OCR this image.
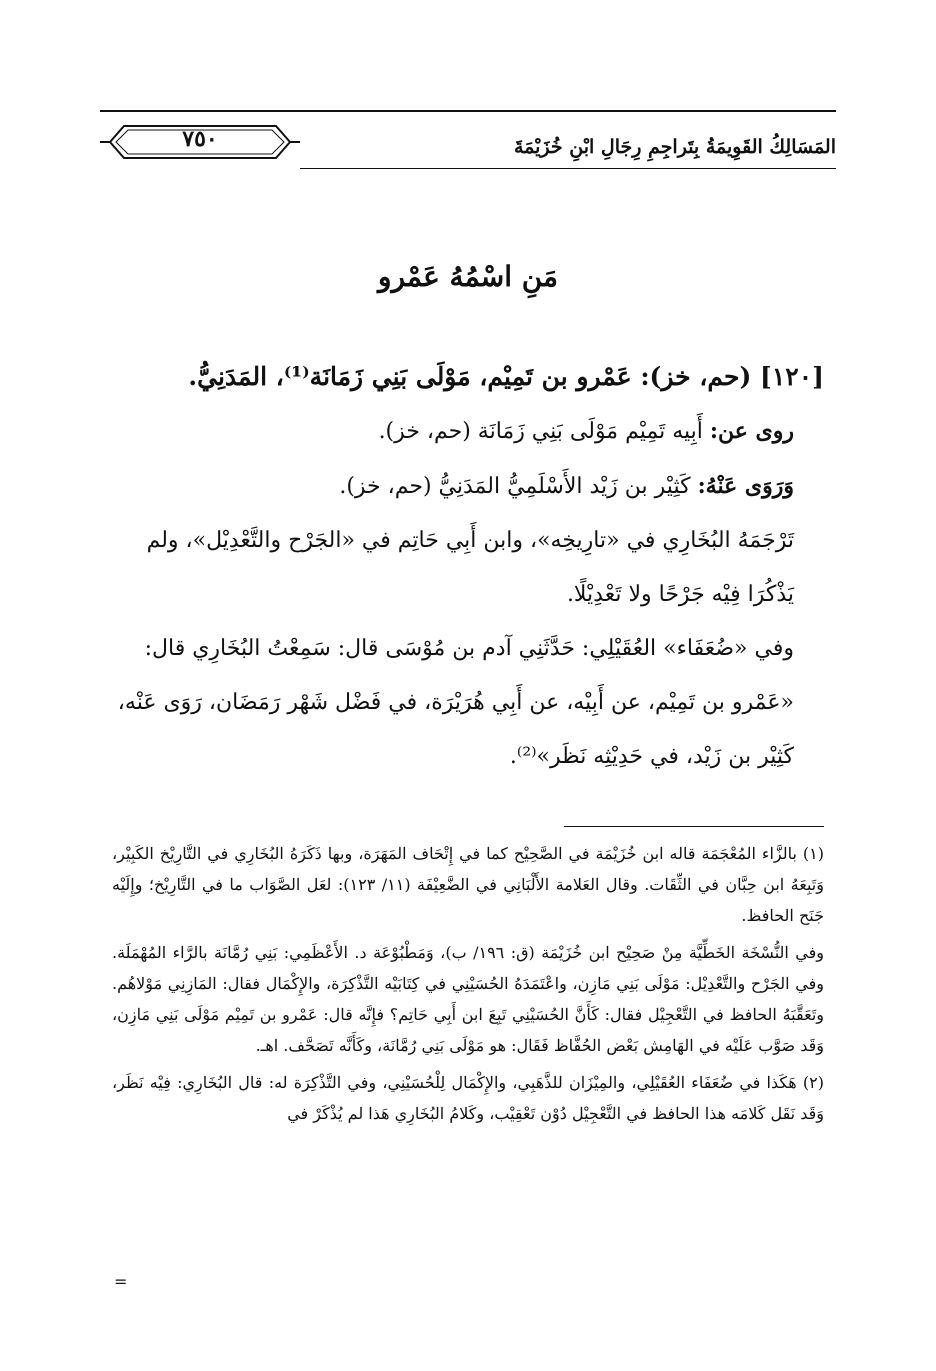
المَسَالِكُ القَوِيمَةُ بِتَراجِمِ رِجَالِ ابْنِ خُزَيْمَةَ
٧٥٠
مَنِ اسْمُهُ عَمْرو

[١٢٠] (حم، خز): عَمْرو بن تَمِيْم، مَوْلَى بَنِي زَمَانَة⁽¹⁾، المَدَنِيُّ.

روى عن: أَبِيه تَمِيْم مَوْلَى بَنِي زَمَانَة (حم، خز).

وَرَوَى عَنْهُ: كَثِيْر بن زَيْد الأَسْلَمِيُّ المَدَنِيُّ (حم، خز).

تَرْجَمَهُ البُخَارِي في «تارِيخِه»، وابن أَبِي حَاتِم في «الجَرْح والتَّعْدِيْل»، ولم يَذْكُرَا فِيْه جَرْحًا ولا تَعْدِيْلًا.

وفي «ضُعَفَاء» العُقَيْلِي: حَدَّثَنِي آدم بن مُوْسَى قال: سَمِعْتُ البُخَارِي قال: «عَمْرو بن تَمِيْم، عن أَبِيْه، عن أَبِي هُرَيْرَة، في فَضْل شَهْر رَمَضَان، رَوَى عَنْه، كَثِيْر بن زَيْد، في حَدِيْثِه نَظَر»⁽²⁾.

(١) بالزَّاء المُعْجَمَة قاله ابن خُزَيْمَة في الصَّحِيْح كما في إِتْحَاف المَهَرَة، وبها ذَكَرَهُ البُخَارِي في التَّارِيْخ الكَبِيْر، وَتَبِعَهُ ابن حِبَّان في الثِّقَات. وقال العَلامة الأَلْبَانِي في الضَّعِيْفَة (١١/ ١٢٣): لعَل الصَّوَاب ما في التَّارِيْخ؛ وإِلَيْه جَنَح الحافظ.

وفي النُّسْخَة الخَطِّيَّة مِنْ صَحِيْح ابن خُزَيْمَة (ق: ١٩٦/ ب)، وَمَطْبُوْعَة د. الأَعْظَمِي: بَنِي رُمَّانَة بالرَّاء المُهْمَلَة. وفي الجَرْح والتَّعْدِيْل: مَوْلَى بَنِي مَازِن، واعْتَمَدَهُ الحُسَيْنِي في كِتَابَيْه التَّذْكِرَة، والإِكْمَال فقال: المَازِنِي مَوْلاهُم. وتَعَقَّبَهُ الحافظ في التَّعْجِيْل فقال: كَأَنَّ الحُسَيْنِي تَبِعَ ابن أَبِي حَاتِم؟ فإِنَّه قال: عَمْرو بن تَمِيْم مَوْلَى بَنِي مَازِن، وَقَد صَوَّب عَلَيْه في الهَامِش بَعْض الحُفَّاظ فَقَال: هو مَوْلَى بَنِي رُمَّانَة، وكَأَنَّه تَصَحَّف. اهـ.

(٢) هَكَذا في ضُعَفَاء العُقَيْلِي، والمِيْزَان للذَّهَبِي، والإِكْمَال لِلْحُسَيْنِي، وفي التَّذْكِرَة له: قال البُخَارِي: فِيْه نَظَر، وَقَد نَقَل كَلامَه هذا الحافظ في التَّعْجِيْل دُوْن تَعْقِيْب، وكَلامُ البُخَارِي هَذا لم يُذْكَرْ في

=
